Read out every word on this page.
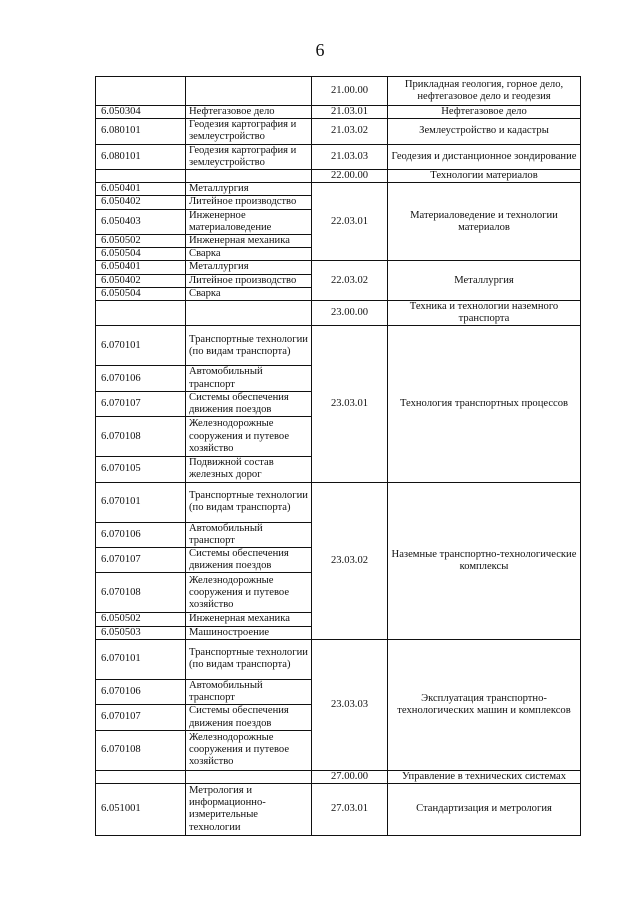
6
		21.00.00	Прикладная геология, горное дело, нефтегазовое дело и геодезия
6.050304	Нефтегазовое дело	21.03.01	Нефтегазовое дело
6.080101	Геодезия картография и землеустройство	21.03.02	Землеустройство и кадастры
6.080101	Геодезия картография и землеустройство	21.03.03	Геодезия и дистанционное зондирование
		22.00.00	Технологии материалов
6.050401	Металлургия	22.03.01	Материаловедение и технологии материалов
6.050402	Литейное производство		
6.050403	Инженерное материаловедение		
6.050502	Инженерная механика		
6.050504	Сварка		
6.050401	Металлургия	22.03.02	Металлургия
6.050402	Литейное производство		
6.050504	Сварка		
		23.00.00	Техника и технологии наземного транспорта
6.070101	Транспортные технологии (по видам транспорта)	23.03.01	Технология транспортных процессов
6.070106	Автомобильный транспорт		
6.070107	Системы обеспечения движения поездов		
6.070108	Железнодорожные сооружения и путевое хозяйство		
6.070105	Подвижной состав железных дорог		
6.070101	Транспортные технологии (по видам транспорта)	23.03.02	Наземные транспортно-технологические комплексы
6.070106	Автомобильный транспорт		
6.070107	Системы обеспечения движения поездов		
6.070108	Железнодорожные сооружения и путевое хозяйство		
6.050502	Инженерная механика		
6.050503	Машиностроение		
6.070101	Транспортные технологии (по видам транспорта)	23.03.03	Эксплуатация транспортно-технологических машин и комплексов
6.070106	Автомобильный транспорт		
6.070107	Системы обеспечения движения поездов		
6.070108	Железнодорожные сооружения и путевое хозяйство		
		27.00.00	Управление в технических системах
6.051001	Метрология и информационно-измерительные технологии	27.03.01	Стандартизация и метрология
